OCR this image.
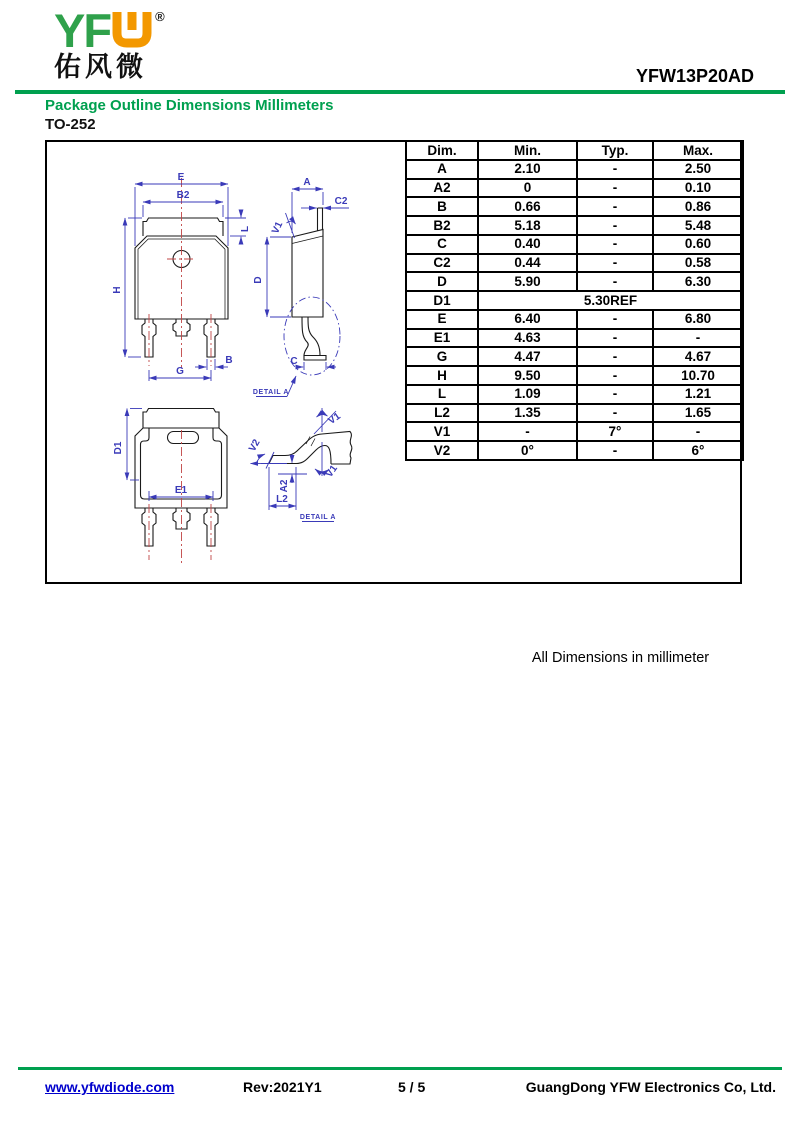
YF	®
佑风微	YFW13P20AD
Package Outline Dimensions Millimeters
TO-252
E
B2
H
L
B
G
A
C2
V1
D
C
DETAIL A
D1
E1
V1
V2
A2
L2
V1
DETAIL A
All Dimensions in millimeter
Dim.	Min.	Typ.	Max.
A	2.10	-	2.50
A2	0	-	0.10
B	0.66	-	0.86
B2	5.18	-	5.48
C	0.40	-	0.60
C2	0.44	-	0.58
D	5.90	-	6.30
D1	5.30REF		
E	6.40	-	6.80
E1	4.63	-	-
G	4.47	-	4.67
H	9.50	-	10.70
L	1.09	-	1.21
L2	1.35	-	1.65
V1	-	7°	-
V2	0°	-	6°
www.yfwdiode.com	Rev:2021Y1	5 / 5	GuangDong YFW Electronics Co, Ltd.
